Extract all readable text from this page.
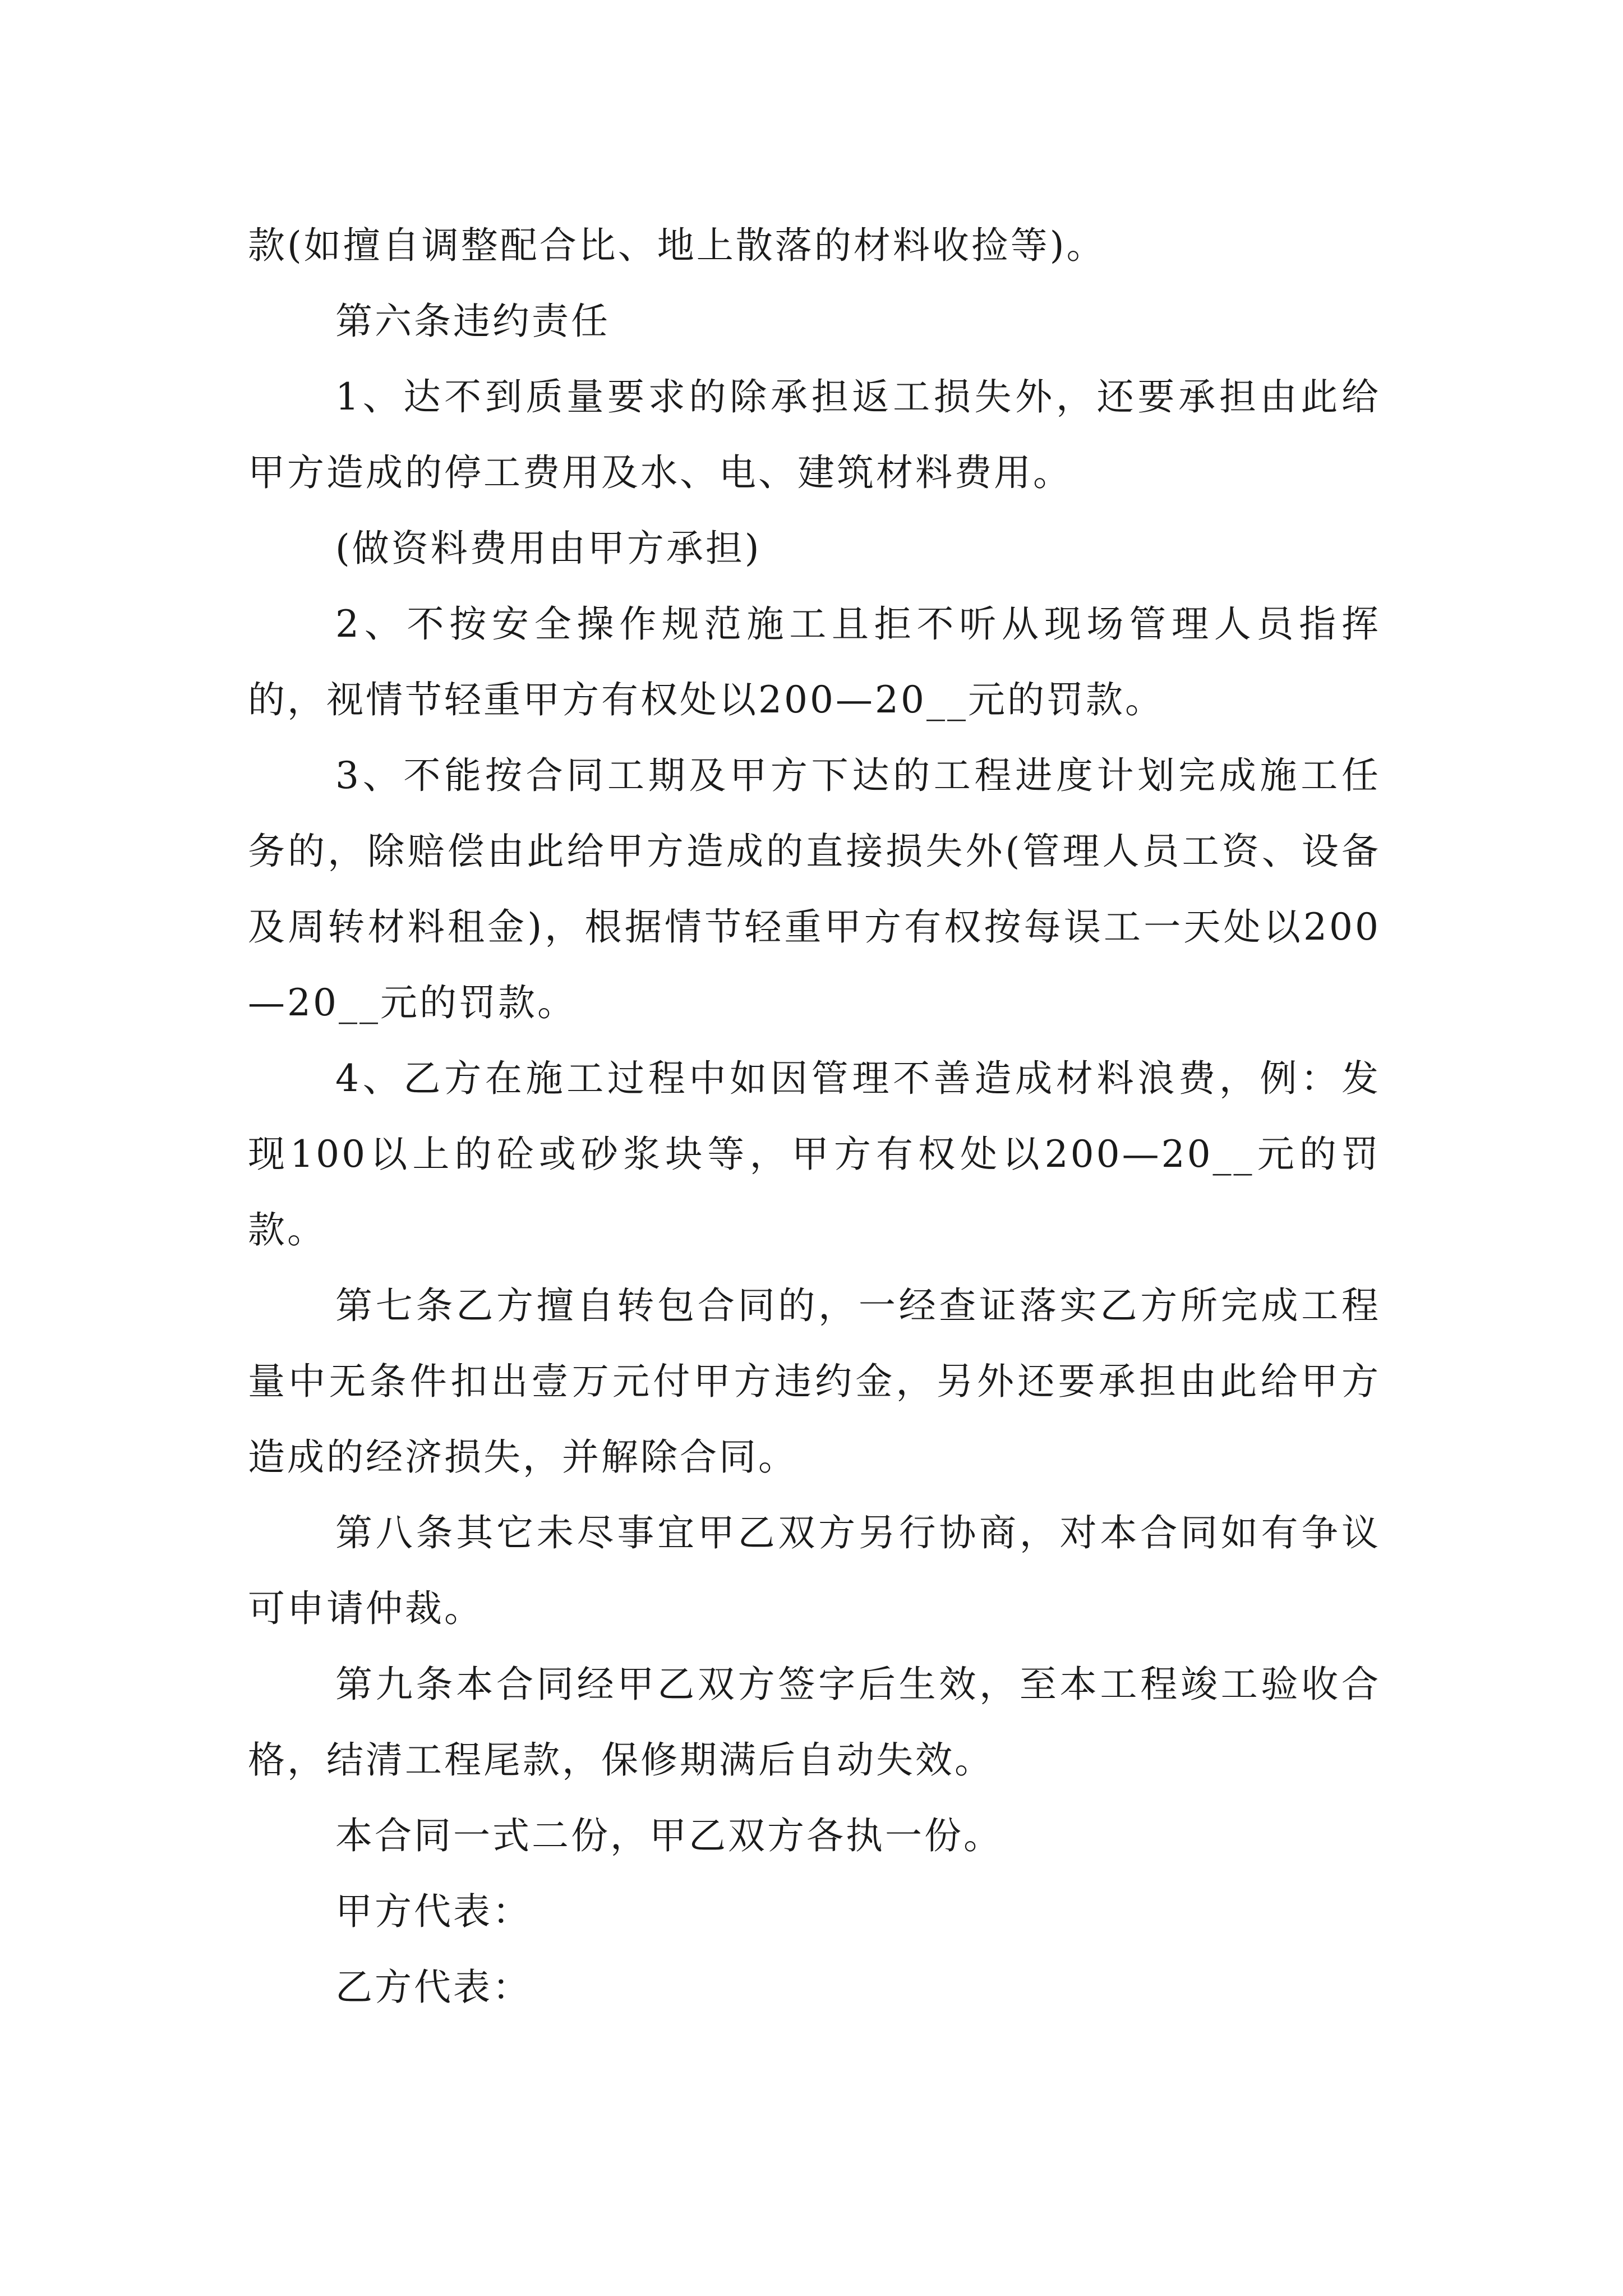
款(如擅自调整配合比、地上散落的材料收捡等)。

第六条违约责任

1、达不到质量要求的除承担返工损失外，还要承担由此给甲方造成的停工费用及水、电、建筑材料费用。

(做资料费用由甲方承担)

2、不按安全操作规范施工且拒不听从现场管理人员指挥的，视情节轻重甲方有权处以200—20__元的罚款。

3、不能按合同工期及甲方下达的工程进度计划完成施工任务的，除赔偿由此给甲方造成的直接损失外(管理人员工资、设备及周转材料租金)，根据情节轻重甲方有权按每误工一天处以200—20__元的罚款。

4、乙方在施工过程中如因管理不善造成材料浪费，例：发现100以上的砼或砂浆块等，甲方有权处以200—20__元的罚款。

第七条乙方擅自转包合同的，一经查证落实乙方所完成工程量中无条件扣出壹万元付甲方违约金，另外还要承担由此给甲方造成的经济损失，并解除合同。

第八条其它未尽事宜甲乙双方另行协商，对本合同如有争议可申请仲裁。

第九条本合同经甲乙双方签字后生效，至本工程竣工验收合格，结清工程尾款，保修期满后自动失效。

本合同一式二份，甲乙双方各执一份。

甲方代表：

乙方代表：
